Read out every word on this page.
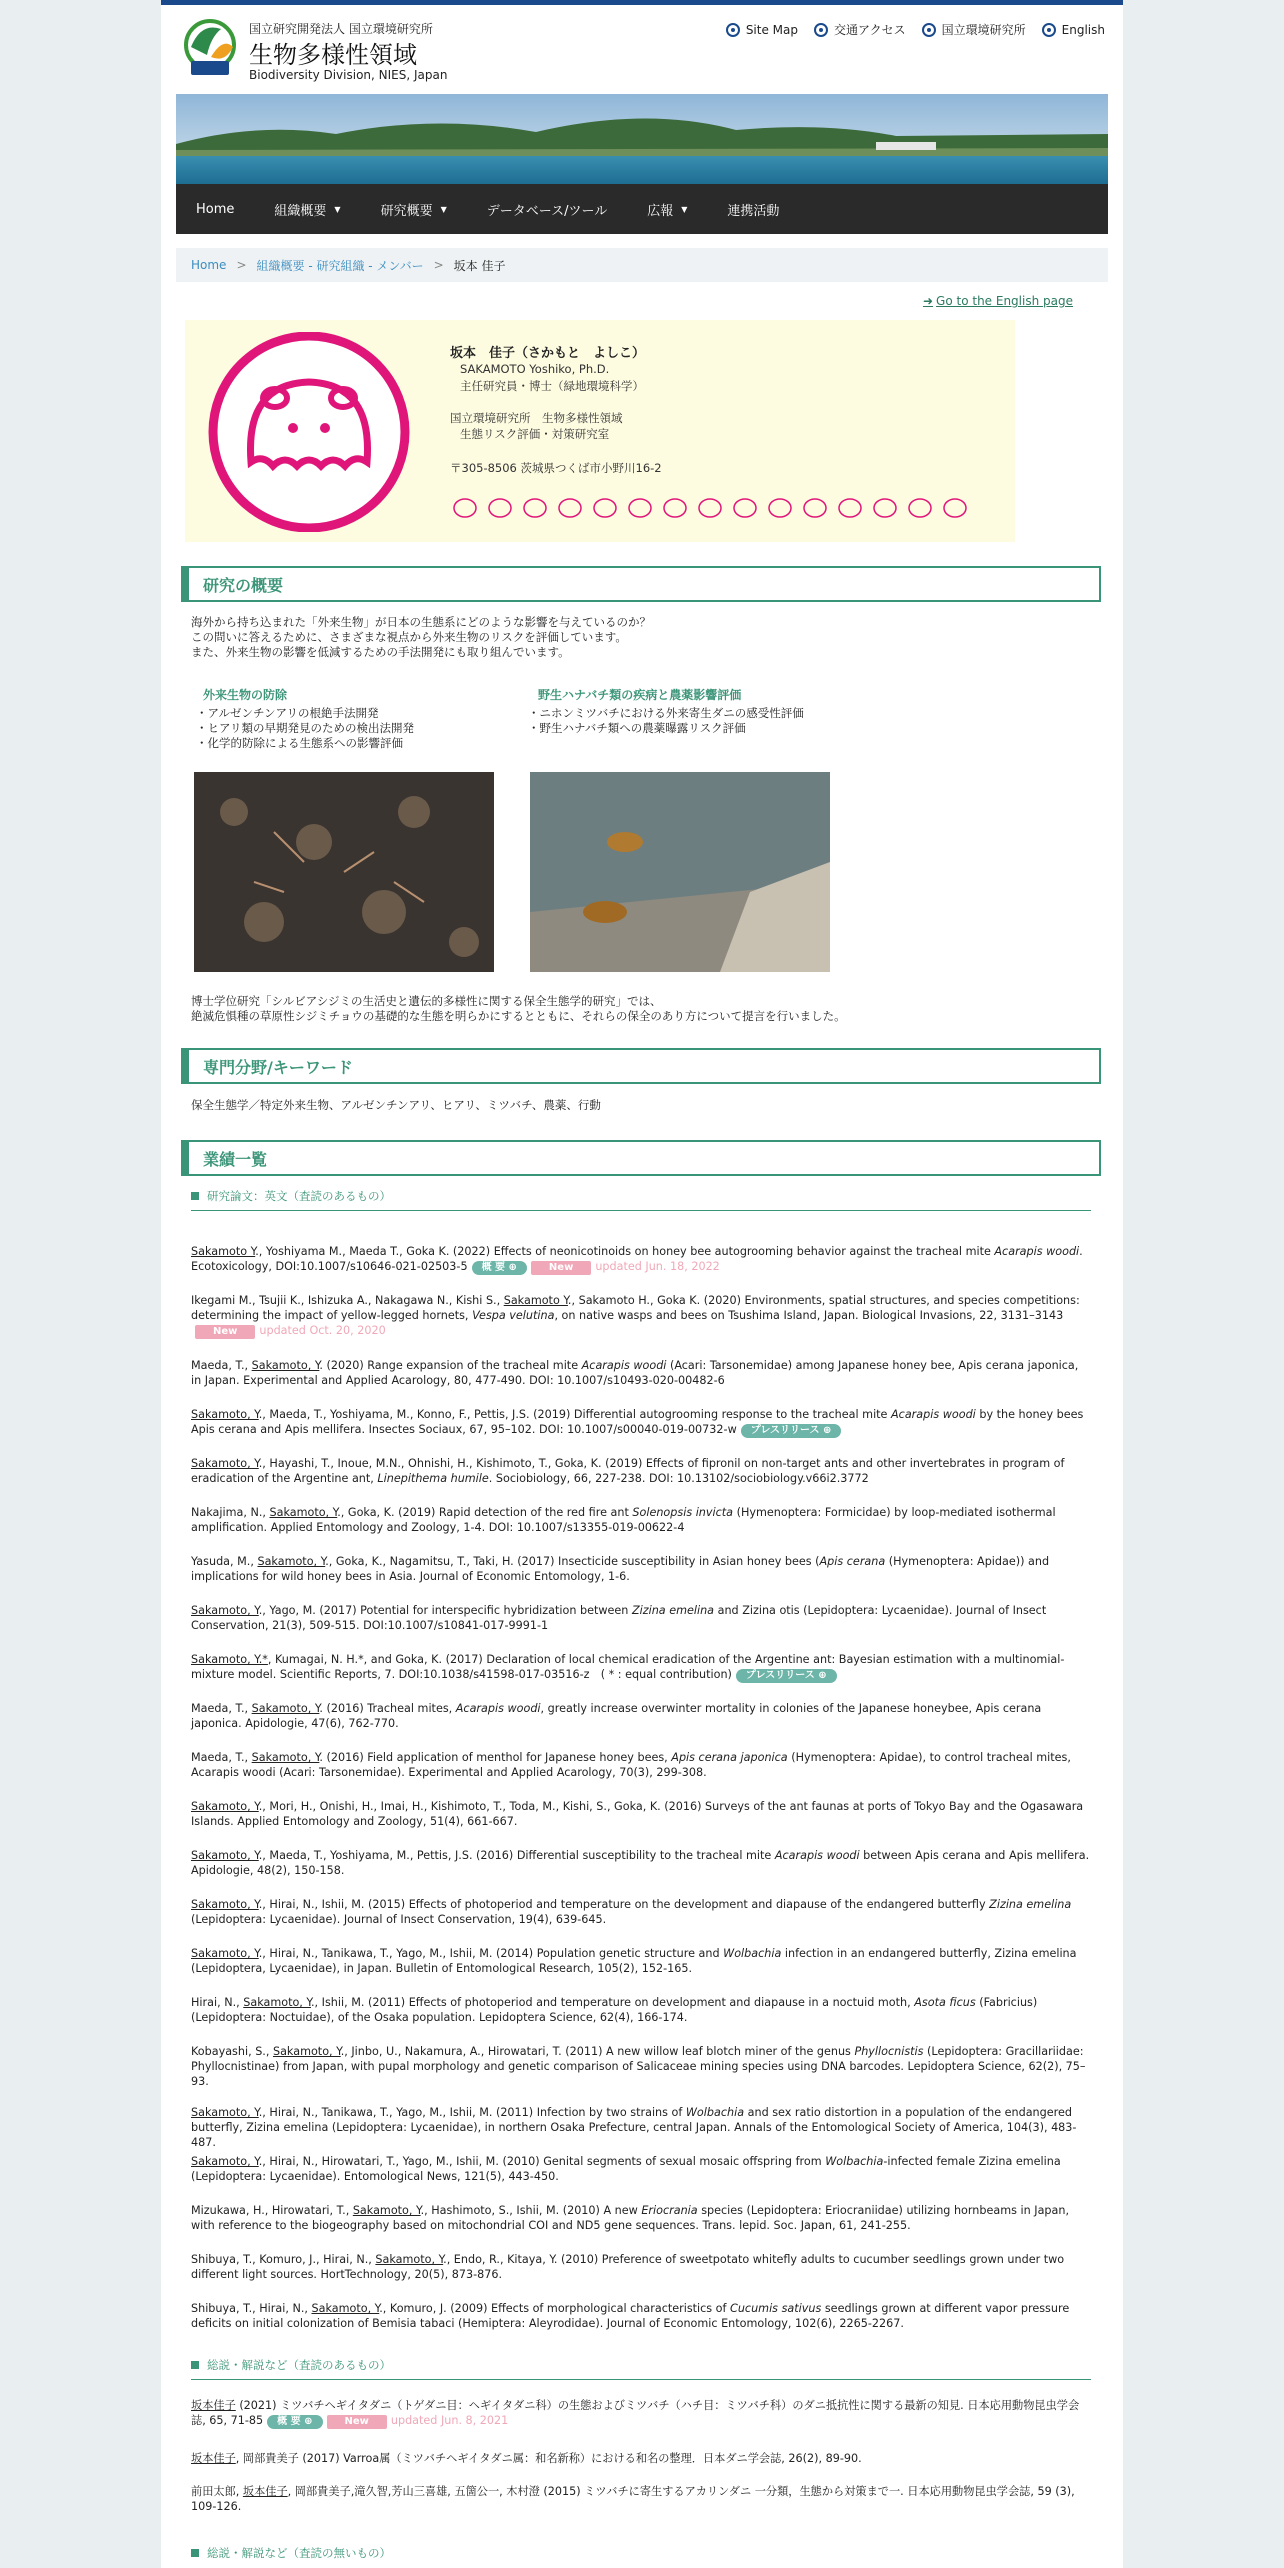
国立研究開発法人 国立環境研究所
生物多様性領域
Biodiversity Division, NIES, Japan
Site Map	交通アクセス	国立環境研究所	English
Home	組織概要 ▼	研究概要 ▼	データベース/ツール	広報 ▼	連携活動
Home > 組織概要 - 研究組織 - メンバー > 坂本 佳子
➜ Go to the English page
坂本　佳子（さかもと　よしこ）
SAKAMOTO Yoshiko, Ph.D.
主任研究員・博士（緑地環境科学）
国立環境研究所　生物多様性領域
生態リスク評価・対策研究室
〒305-8506 茨城県つくば市小野川16-2
研究の概要
海外から持ち込まれた「外来生物」が日本の生態系にどのような影響を与えているのか？
この問いに答えるために、さまざまな視点から外来生物のリスクを評価しています。
また、外来生物の影響を低減するための手法開発にも取り組んでいます。
外来生物の防除
・アルゼンチンアリの根絶手法開発
・ヒアリ類の早期発見のための検出法開発
・化学的防除による生態系への影響評価
野生ハナバチ類の疾病と農薬影響評価
・ニホンミツバチにおける外来寄生ダニの感受性評価
・野生ハナバチ類への農薬曝露リスク評価
博士学位研究「シルビアシジミの生活史と遺伝的多様性に関する保全生態学的研究」では、
絶滅危惧種の草原性シジミチョウの基礎的な生態を明らかにするとともに、それらの保全のあり方について提言を行いました。
専門分野/キーワード
保全生態学／特定外来生物、アルゼンチンアリ、ヒアリ、ミツバチ、農薬、行動
業績一覧
研究論文：英文（査読のあるもの）
総説・解説など（査読のあるもの）
総説・解説など（査読の無いもの）
Sakamoto Y., Yoshiyama M., Maeda T., Goka K. (2022) Effects of neonicotinoids on honey bee autogrooming behavior against the tracheal mite Acarapis woodi. Ecotoxicology, DOI:10.1007/s10646-021-02503-5 概 要 ⊕	New updated Jun. 18, 2022
Ikegami M., Tsujii K., Ishizuka A., Nakagawa N., Kishi S., Sakamoto Y., Sakamoto H., Goka K. (2020) Environments, spatial structures, and species competitions: determining the impact of yellow-legged hornets, Vespa velutina, on native wasps and bees on Tsushima Island, Japan. Biological Invasions, 22, 3131–3143New updated Oct. 20, 2020
Maeda, T., Sakamoto, Y. (2020) Range expansion of the tracheal mite Acarapis woodi (Acari: Tarsonemidae) among Japanese honey bee, Apis cerana japonica, in Japan. Experimental and Applied Acarology, 80, 477-490. DOI: 10.1007/s10493-020-00482-6
Sakamoto, Y., Maeda, T., Yoshiyama, M., Konno, F., Pettis, J.S. (2019) Differential autogrooming response to the tracheal mite Acarapis woodi by the honey bees Apis cerana and Apis mellifera. Insectes Sociaux, 67, 95–102. DOI: 10.1007/s00040-019-00732-w プレスリリース ⊕
Sakamoto, Y., Hayashi, T., Inoue, M.N., Ohnishi, H., Kishimoto, T., Goka, K. (2019) Effects of fipronil on non-target ants and other invertebrates in program of eradication of the Argentine ant, Linepithema humile. Sociobiology, 66, 227-238. DOI: 10.13102/sociobiology.v66i2.3772
Nakajima, N., Sakamoto, Y., Goka, K. (2019) Rapid detection of the red fire ant Solenopsis invicta (Hymenoptera: Formicidae) by loop-mediated isothermal amplification. Applied Entomology and Zoology, 1-4. DOI: 10.1007/s13355-019-00622-4
Yasuda, M., Sakamoto, Y., Goka, K., Nagamitsu, T., Taki, H. (2017) Insecticide susceptibility in Asian honey bees (Apis cerana (Hymenoptera: Apidae)) and implications for wild honey bees in Asia. Journal of Economic Entomology, 1-6.
Sakamoto, Y., Yago, M. (2017) Potential for interspecific hybridization between Zizina emelina and Zizina otis (Lepidoptera: Lycaenidae). Journal of Insect Conservation, 21(3), 509-515. DOI:10.1007/s10841-017-9991-1
Sakamoto, Y.*, Kumagai, N. H.*, and Goka, K. (2017) Declaration of local chemical eradication of the Argentine ant: Bayesian estimation with a multinomial-mixture model. Scientific Reports, 7. DOI:10.1038/s41598-017-03516-z　( * : equal contribution) プレスリリース ⊕
Maeda, T., Sakamoto, Y. (2016) Tracheal mites, Acarapis woodi, greatly increase overwinter mortality in colonies of the Japanese honeybee, Apis cerana japonica. Apidologie, 47(6), 762-770.
Maeda, T., Sakamoto, Y. (2016) Field application of menthol for Japanese honey bees, Apis cerana japonica (Hymenoptera: Apidae), to control tracheal mites, Acarapis woodi (Acari: Tarsonemidae). Experimental and Applied Acarology, 70(3), 299-308.
Sakamoto, Y., Mori, H., Onishi, H., Imai, H., Kishimoto, T., Toda, M., Kishi, S., Goka, K. (2016) Surveys of the ant faunas at ports of Tokyo Bay and the Ogasawara Islands. Applied Entomology and Zoology, 51(4), 661-667.
Sakamoto, Y., Maeda, T., Yoshiyama, M., Pettis, J.S. (2016) Differential susceptibility to the tracheal mite Acarapis woodi between Apis cerana and Apis mellifera. Apidologie, 48(2), 150-158.
Sakamoto, Y., Hirai, N., Ishii, M. (2015) Effects of photoperiod and temperature on the development and diapause of the endangered butterfly Zizina emelina (Lepidoptera: Lycaenidae). Journal of Insect Conservation, 19(4), 639-645.
Sakamoto, Y., Hirai, N., Tanikawa, T., Yago, M., Ishii, M. (2014) Population genetic structure and Wolbachia infection in an endangered butterfly, Zizina emelina (Lepidoptera, Lycaenidae), in Japan. Bulletin of Entomological Research, 105(2), 152-165.
Hirai, N., Sakamoto, Y., Ishii, M. (2011) Effects of photoperiod and temperature on development and diapause in a noctuid moth, Asota ficus (Fabricius) (Lepidoptera: Noctuidae), of the Osaka population. Lepidoptera Science, 62(4), 166-174.
Kobayashi, S., Sakamoto, Y., Jinbo, U., Nakamura, A., Hirowatari, T. (2011) A new willow leaf blotch miner of the genus Phyllocnistis (Lepidoptera: Gracillariidae: Phyllocnistinae) from Japan, with pupal morphology and genetic comparison of Salicaceae mining species using DNA barcodes. Lepidoptera Science, 62(2), 75–93.
Sakamoto, Y., Hirai, N., Tanikawa, T., Yago, M., Ishii, M. (2011) Infection by two strains of Wolbachia and sex ratio distortion in a population of the endangered butterfly, Zizina emelina (Lepidoptera: Lycaenidae), in northern Osaka Prefecture, central Japan. Annals of the Entomological Society of America, 104(3), 483-487.
Sakamoto, Y., Hirai, N., Hirowatari, T., Yago, M., Ishii, M. (2010) Genital segments of sexual mosaic offspring from Wolbachia-infected female Zizina emelina (Lepidoptera: Lycaenidae). Entomological News, 121(5), 443-450.
Mizukawa, H., Hirowatari, T., Sakamoto, Y., Hashimoto, S., Ishii, M. (2010) A new Eriocrania species (Lepidoptera: Eriocraniidae) utilizing hornbeams in Japan, with reference to the biogeography based on mitochondrial COI and ND5 gene sequences. Trans. lepid. Soc. Japan, 61, 241-255.
Shibuya, T., Komuro, J., Hirai, N., Sakamoto, Y., Endo, R., Kitaya, Y. (2010) Preference of sweetpotato whitefly adults to cucumber seedlings grown under two different light sources. HortTechnology, 20(5), 873-876.
Shibuya, T., Hirai, N., Sakamoto, Y., Komuro, J. (2009) Effects of morphological characteristics of Cucumis sativus seedlings grown at different vapor pressure deficits on initial colonization of Bemisia tabaci (Hemiptera: Aleyrodidae). Journal of Economic Entomology, 102(6), 2265-2267.
坂本佳子 (2021) ミツバチヘギイタダニ（トゲダニ目：ヘギイタダニ科）の生態およびミツバチ（ハチ目：ミツバチ科）のダニ抵抗性に関する最新の知見. 日本応用動物昆虫学会誌, 65, 71-85 概 要 ⊕	New updated Jun. 8, 2021
坂本佳子, 岡部貴美子 (2017) Varroa属（ミツバチヘギイタダニ属：和名新称）における和名の整理．日本ダニ学会誌, 26(2), 89-90.
前田太郎, 坂本佳子, 岡部貴美子,滝久智,芳山三喜雄, 五箇公一, 木村澄 (2015) ミツバチに寄生するアカリンダニ 一分類，生態から対策まで一. 日本応用動物昆虫学会誌, 59 (3), 109-126.
